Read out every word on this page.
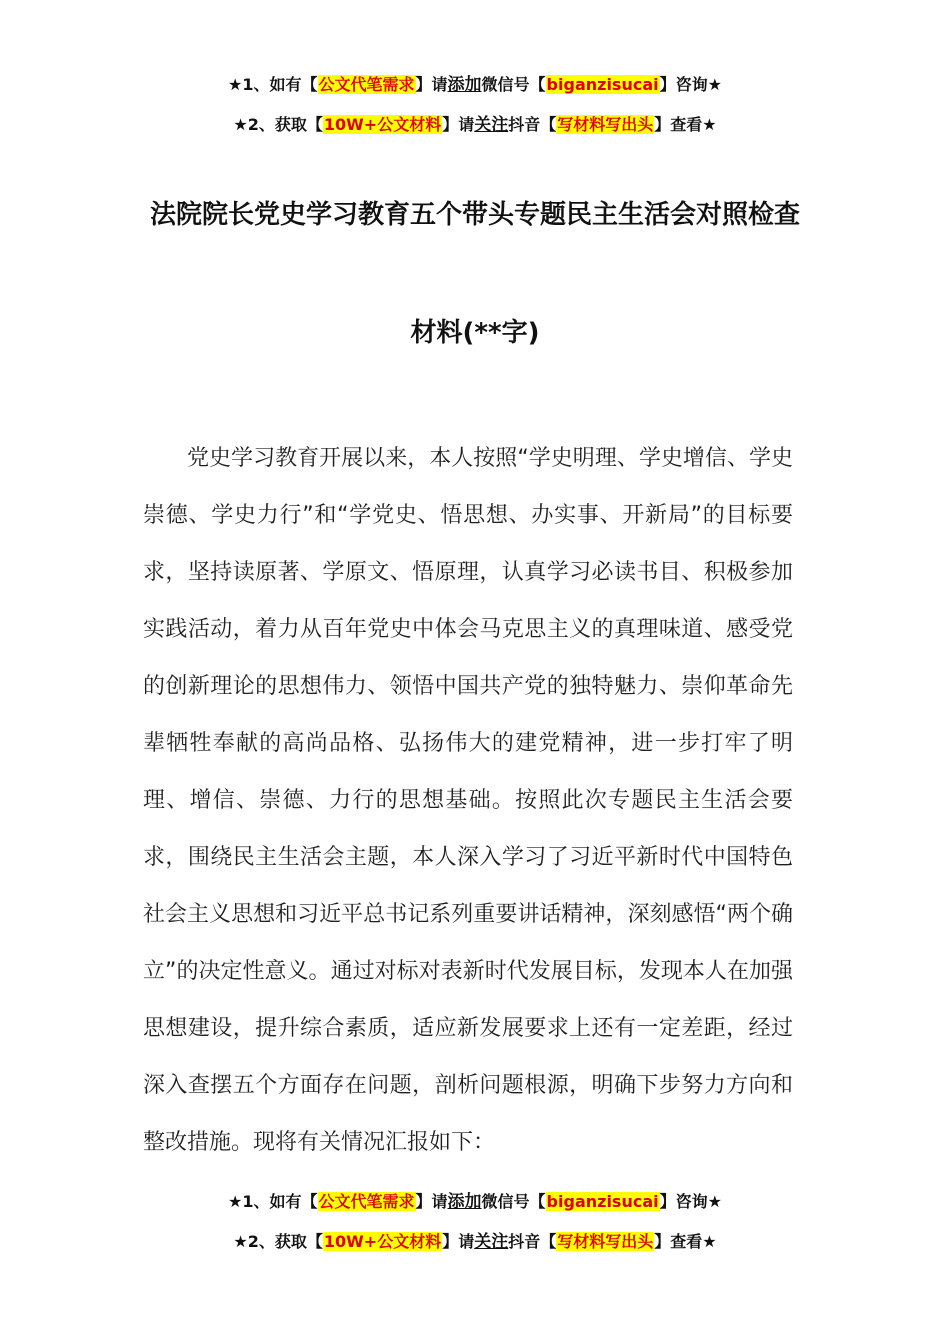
★1、如有【公文代笔需求】请添加微信号【biganzisucai】咨询★
★2、获取【10W+公文材料】请关注抖音【写材料写出头】查看★
法院院长党史学习教育五个带头专题民主生活会对照检查
材料(**字)

党史学习教育开展以来，本人按照“学史明理、学史增信、学史崇德、学史力行”和“学党史、悟思想、办实事、开新局”的目标要求，坚持读原著、学原文、悟原理，认真学习必读书目、积极参加实践活动，着力从百年党史中体会马克思主义的真理味道、感受党的创新理论的思想伟力、领悟中国共产党的独特魅力、崇仰革命先辈牺牲奉献的高尚品格、弘扬伟大的建党精神，进一步打牢了明理、增信、崇德、力行的思想基础。按照此次专题民主生活会要求，围绕民主生活会主题，本人深入学习了习近平新时代中国特色社会主义思想和习近平总书记系列重要讲话精神，深刻感悟“两个确立”的决定性意义。通过对标对表新时代发展目标，发现本人在加强思想建设，提升综合素质，适应新发展要求上还有一定差距，经过深入查摆五个方面存在问题，剖析问题根源，明确下步努力方向和整改措施。现将有关情况汇报如下：

★1、如有【公文代笔需求】请添加微信号【biganzisucai】咨询★
★2、获取【10W+公文材料】请关注抖音【写材料写出头】查看★
